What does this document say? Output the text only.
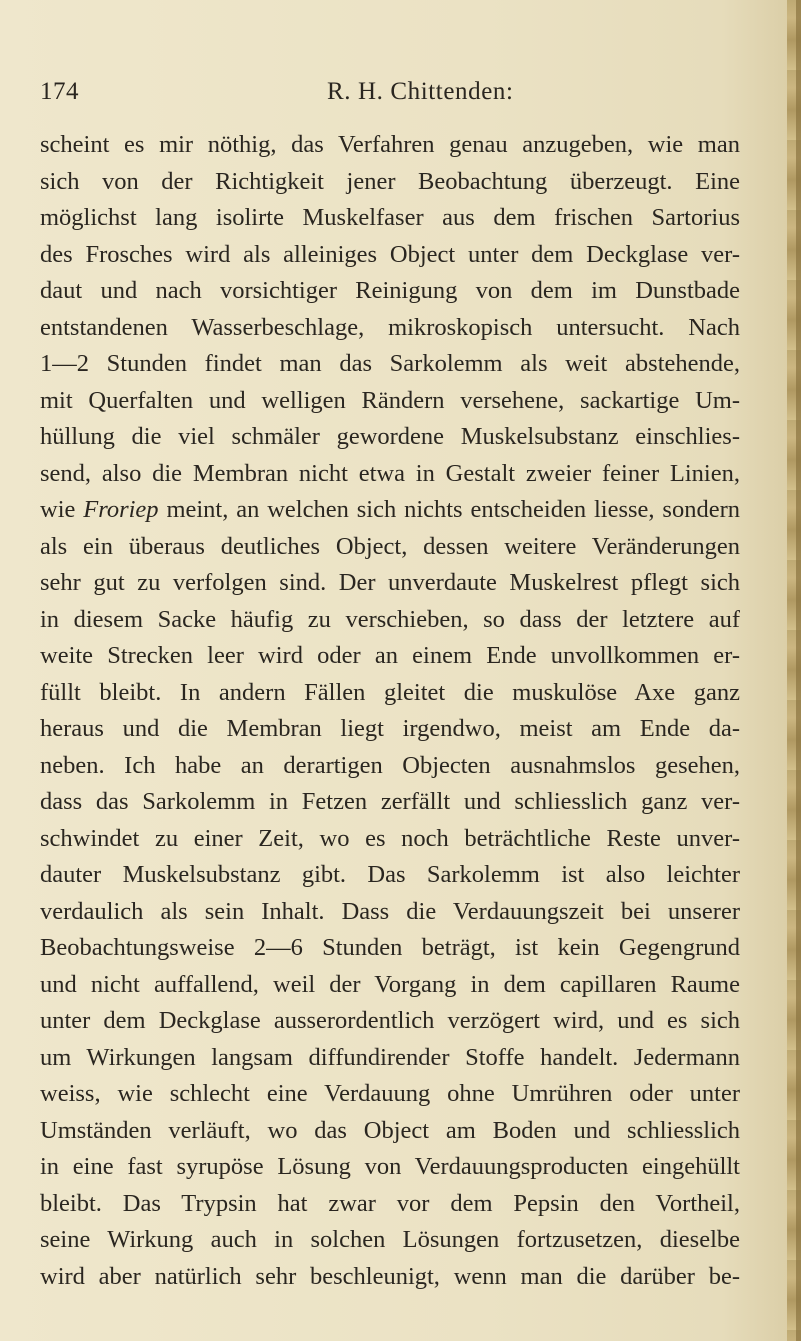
174	R. H. Chittenden:
scheint es mir nöthig, das Verfahren genau anzugeben, wie man
sich von der Richtigkeit jener Beobachtung überzeugt. Eine
möglichst lang isolirte Muskelfaser aus dem frischen Sartorius
des Frosches wird als alleiniges Object unter dem Deckglase ver-
daut und nach vorsichtiger Reinigung von dem im Dunstbade
entstandenen Wasserbeschlage, mikroskopisch untersucht. Nach
1—2 Stunden findet man das Sarkolemm als weit abstehende,
mit Querfalten und welligen Rändern versehene, sackartige Um-
hüllung die viel schmäler gewordene Muskelsubstanz einschlies-
send, also die Membran nicht etwa in Gestalt zweier feiner Linien,
wie Froriep meint, an welchen sich nichts entscheiden liesse, sondern
als ein überaus deutliches Object, dessen weitere Veränderungen
sehr gut zu verfolgen sind. Der unverdaute Muskelrest pflegt sich
in diesem Sacke häufig zu verschieben, so dass der letztere auf
weite Strecken leer wird oder an einem Ende unvollkommen er-
füllt bleibt. In andern Fällen gleitet die muskulöse Axe ganz
heraus und die Membran liegt irgendwo, meist am Ende da-
neben. Ich habe an derartigen Objecten ausnahmslos gesehen,
dass das Sarkolemm in Fetzen zerfällt und schliesslich ganz ver-
schwindet zu einer Zeit, wo es noch beträchtliche Reste unver-
dauter Muskelsubstanz gibt. Das Sarkolemm ist also leichter
verdaulich als sein Inhalt. Dass die Verdauungszeit bei unserer
Beobachtungsweise 2—6 Stunden beträgt, ist kein Gegengrund
und nicht auffallend, weil der Vorgang in dem capillaren Raume
unter dem Deckglase ausserordentlich verzögert wird, und es sich
um Wirkungen langsam diffundirender Stoffe handelt. Jedermann
weiss, wie schlecht eine Verdauung ohne Umrühren oder unter
Umständen verläuft, wo das Object am Boden und schliesslich
in eine fast syrupöse Lösung von Verdauungsproducten eingehüllt
bleibt. Das Trypsin hat zwar vor dem Pepsin den Vortheil,
seine Wirkung auch in solchen Lösungen fortzusetzen, dieselbe
wird aber natürlich sehr beschleunigt, wenn man die darüber be-
